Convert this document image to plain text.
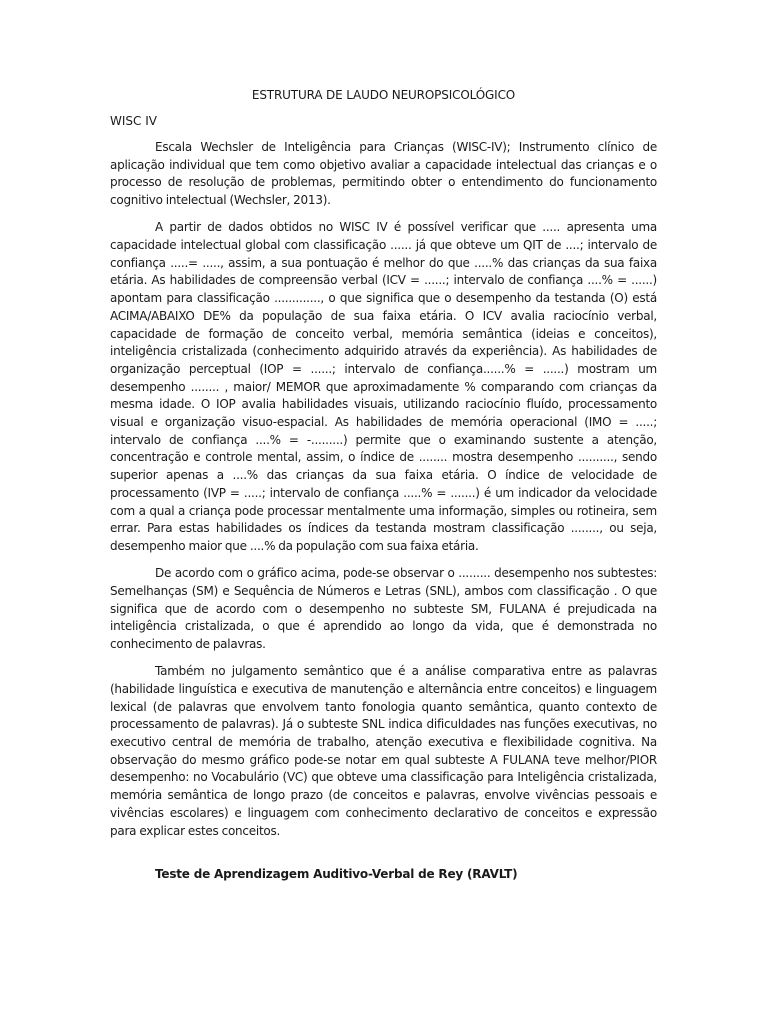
ESTRUTURA DE LAUDO NEUROPSICOLÓGICO
WISC IV

Escala Wechsler de Inteligência para Crianças (WISC-IV); Instrumento clínico de aplicação individual que tem como objetivo avaliar a capacidade intelectual das crianças e o processo de resolução de problemas, permitindo obter o entendimento do funcionamento cognitivo intelectual (Wechsler, 2013).

A partir de dados obtidos no WISC IV é possível verificar que ..... apresenta uma capacidade intelectual global com classificação ...... já que obteve um QIT de ....; intervalo de confiança .....= ....., assim, a sua pontuação é melhor do que .....% das crianças da sua faixa etária. As habilidades de compreensão verbal (ICV = ......; intervalo de confiança ....% = ......) apontam para classificação ............., o que significa que o desempenho da testanda (O) está ACIMA/ABAIXO DE% da população de sua faixa etária. O ICV avalia raciocínio verbal, capacidade de formação de conceito verbal, memória semântica (ideias e conceitos), inteligência cristalizada (conhecimento adquirido através da experiência). As habilidades de organização perceptual (IOP = ......; intervalo de confiança......% = ......) mostram um desempenho ........ , maior/ MEMOR que aproximadamente % comparando com crianças da mesma idade. O IOP avalia habilidades visuais, utilizando raciocínio fluído, processamento visual e organização visuo-espacial. As habilidades de memória operacional (IMO = .....; intervalo de confiança ....% = -.........) permite que o examinando sustente a atenção, concentração e controle mental, assim, o índice de ........ mostra desempenho .........., sendo superior apenas a ....% das crianças da sua faixa etária. O índice de velocidade de processamento (IVP = .....; intervalo de confiança .....% = .......) é um indicador da velocidade com a qual a criança pode processar mentalmente uma informação, simples ou rotineira, sem errar. Para estas habilidades os índices da testanda mostram classificação ........, ou seja, desempenho maior que ....% da população com sua faixa etária.

De acordo com o gráfico acima, pode-se observar o ......... desempenho nos subtestes: Semelhanças (SM) e Sequência de Números e Letras (SNL), ambos com classificação . O que significa que de acordo com o desempenho no subteste SM, FULANA é prejudicada na inteligência cristalizada, o que é aprendido ao longo da vida, que é demonstrada no conhecimento de palavras.

Também no julgamento semântico que é a análise comparativa entre as palavras (habilidade linguística e executiva de manutenção e alternância entre conceitos) e linguagem lexical (de palavras que envolvem tanto fonologia quanto semântica, quanto contexto de processamento de palavras). Já o subteste SNL indica dificuldades nas funções executivas, no executivo central de memória de trabalho, atenção executiva e flexibilidade cognitiva. Na observação do mesmo gráfico pode-se notar em qual subteste A FULANA teve melhor/PIOR desempenho: no Vocabulário (VC) que obteve uma classificação para Inteligência cristalizada, memória semântica de longo prazo (de conceitos e palavras, envolve vivências pessoais e vivências escolares) e linguagem com conhecimento declarativo de conceitos e expressão para explicar estes conceitos.

Teste de Aprendizagem Auditivo-Verbal de Rey (RAVLT)
